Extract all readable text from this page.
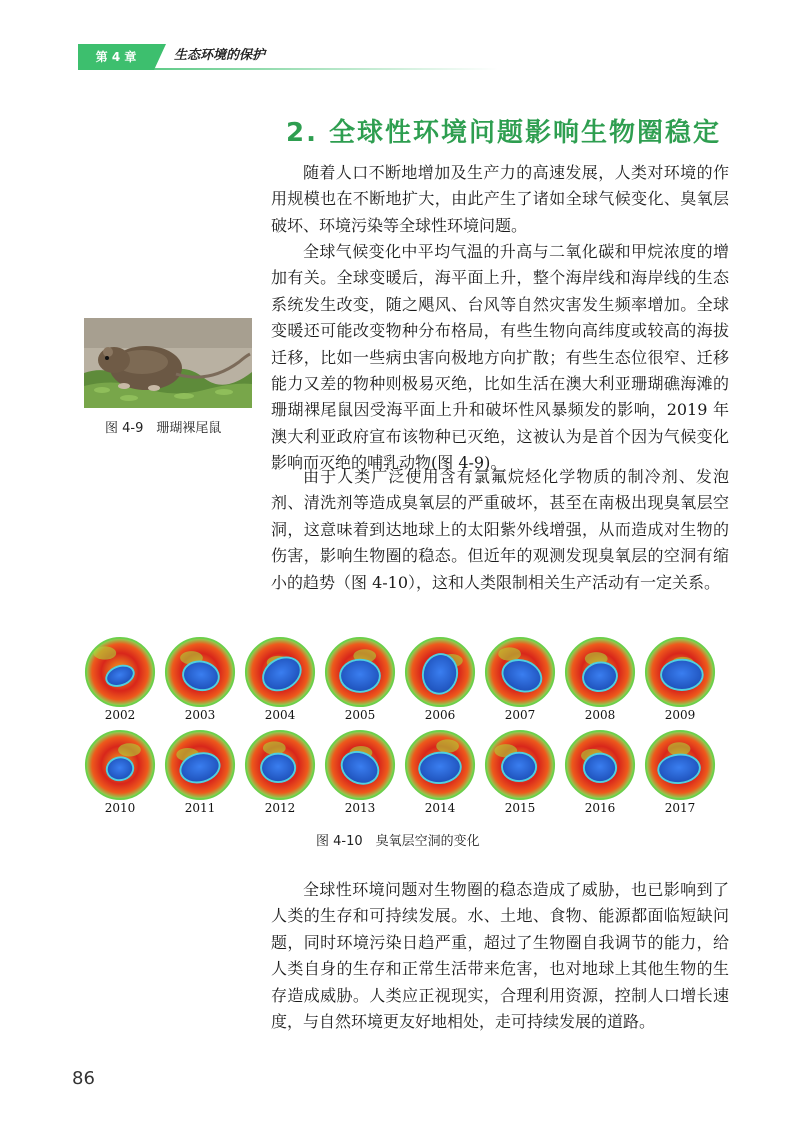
第 4 章	生态环境的保护
2. 全球性环境问题影响生物圈稳定

随着人口不断地增加及生产力的高速发展，人类对环境的作用规模也在不断地扩大，由此产生了诸如全球气候变化、臭氧层破坏、环境污染等全球性环境问题。

全球气候变化中平均气温的升高与二氧化碳和甲烷浓度的增加有关。全球变暖后，海平面上升，整个海岸线和海岸线的生态系统发生改变，随之飓风、台风等自然灾害发生频率增加。全球变暖还可能改变物种分布格局，有些生物向高纬度或较高的海拔迁移，比如一些病虫害向极地方向扩散；有些生态位很窄、迁移能力又差的物种则极易灭绝，比如生活在澳大利亚珊瑚礁海滩的珊瑚裸尾鼠因受海平面上升和破坏性风暴频发的影响，2019 年澳大利亚政府宣布该物种已灭绝，这被认为是首个因为气候变化影响而灭绝的哺乳动物(图 4-9)。

由于人类广泛使用含有氯氟烷烃化学物质的制冷剂、发泡剂、清洗剂等造成臭氧层的严重破坏，甚至在南极出现臭氧层空洞，这意味着到达地球上的太阳紫外线增强，从而造成对生物的伤害，影响生物圈的稳态。但近年的观测发现臭氧层的空洞有缩小的趋势（图 4-10），这和人类限制相关生产活动有一定关系。

图 4-9　珊瑚裸尾鼠
2002	2003	2004	2005	2006	2007	2008	2009
2010	2011	2012	2013	2014	2015	2016	2017
图 4-10　臭氧层空洞的变化

全球性环境问题对生物圈的稳态造成了威胁，也已影响到了人类的生存和可持续发展。水、土地、食物、能源都面临短缺问题，同时环境污染日趋严重，超过了生物圈自我调节的能力，给人类自身的生存和正常生活带来危害，也对地球上其他生物的生存造成威胁。人类应正视现实，合理利用资源，控制人口增长速度，与自然环境更友好地相处，走可持续发展的道路。

86
